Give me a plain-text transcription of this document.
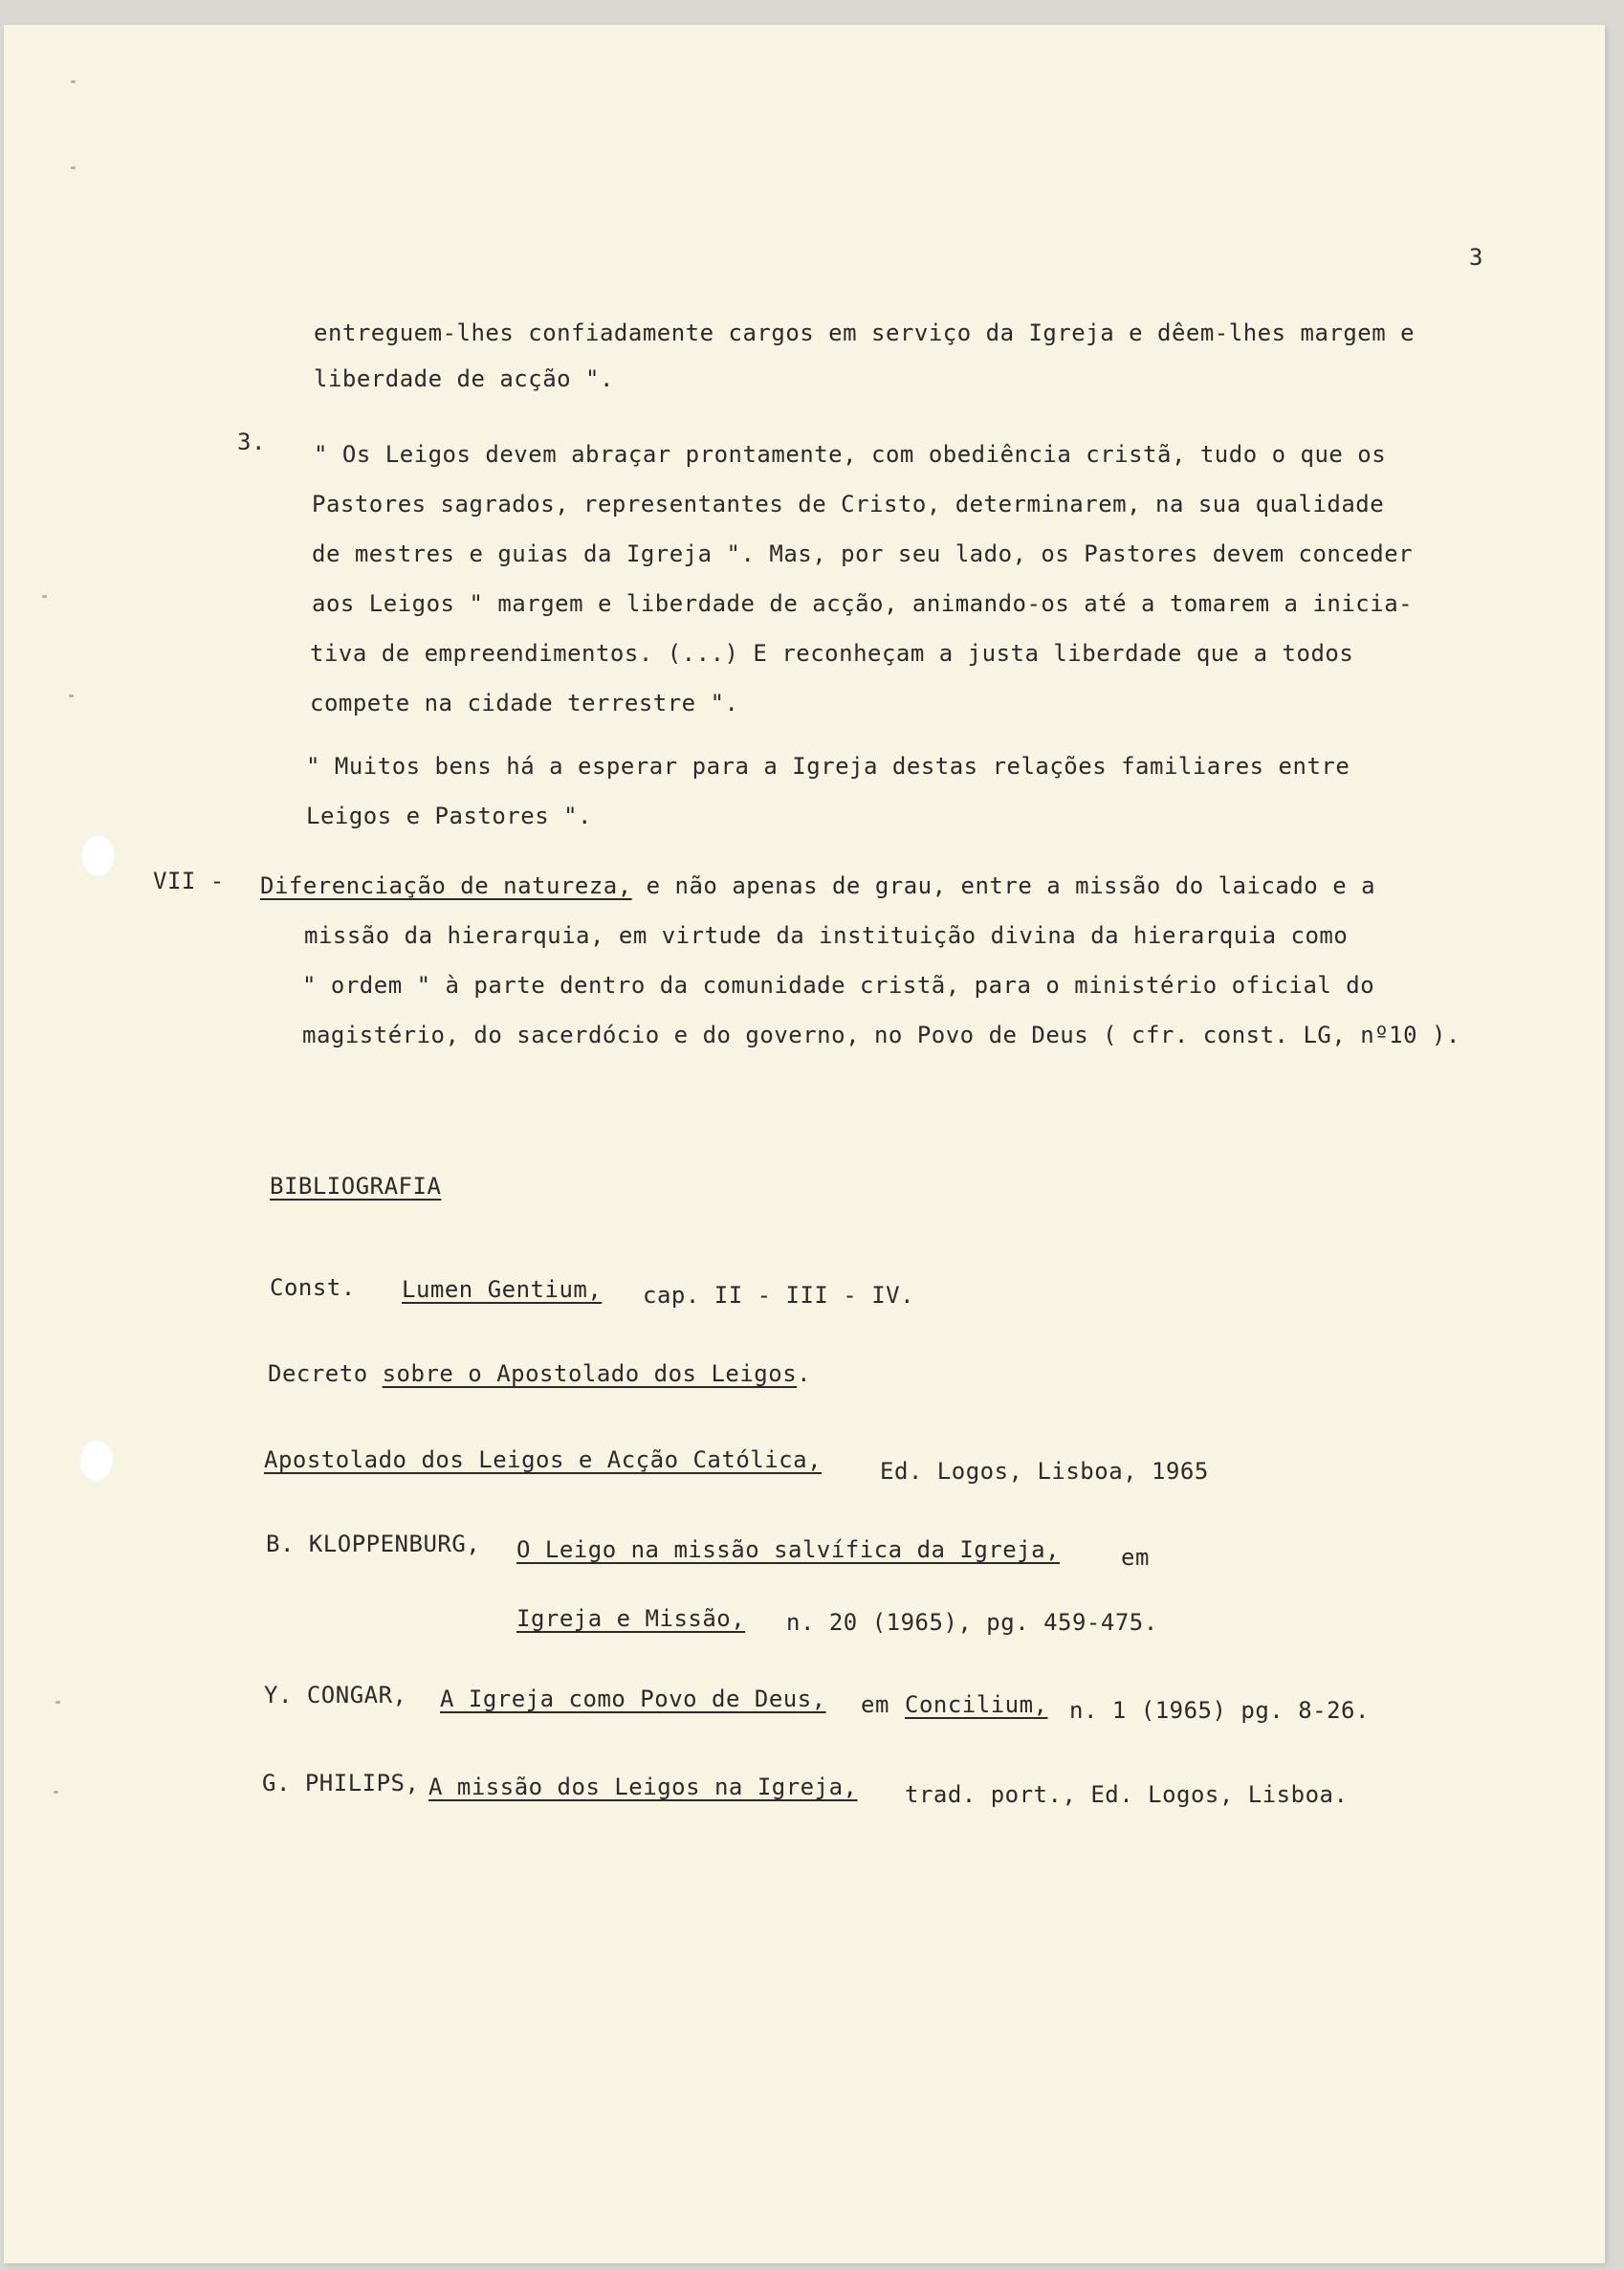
3
entreguem-lhes confiadamente cargos em serviço da Igreja e dêem-lhes margem e
liberdade de acção ".
3. " Os Leigos devem abraçar prontamente, com obediência cristã, tudo o que os
Pastores sagrados, representantes de Cristo, determinarem, na sua qualidade
de mestres e guias da Igreja ". Mas, por seu lado, os Pastores devem conceder
aos Leigos " margem e liberdade de acção, animando-os até a tomarem a inicia-
tiva de empreendimentos. (...) E reconheçam a justa liberdade que a todos
compete na cidade terrestre ".
" Muitos bens há a esperar para a Igreja destas relações familiares entre
Leigos e Pastores ".
VII - Diferenciação de natureza, e não apenas de grau, entre a missão do laicado e a
missão da hierarquia, em virtude da instituição divina da hierarquia como
" ordem " à parte dentro da comunidade cristã, para o ministério oficial do
magistério, do sacerdócio e do governo, no Povo de Deus ( cfr. const. LG, nº10 ).
BIBLIOGRAFIA
Const. Lumen Gentium, cap. II - III - IV.
Decreto sobre o Apostolado dos Leigos.
Apostolado dos Leigos e Acção Católica,	Ed. Logos, Lisboa, 1965
B. KLOPPENBURG, O Leigo na missão salvífica da Igreja,	em
Igreja e Missão, n. 20 (1965), pg. 459-475.
Y. CONGAR, A Igreja como Povo de Deus, em Concilium, n. 1 (1965) pg. 8-26.
G. PHILIPS, A missão dos Leigos na Igreja, trad. port., Ed. Logos, Lisboa.
